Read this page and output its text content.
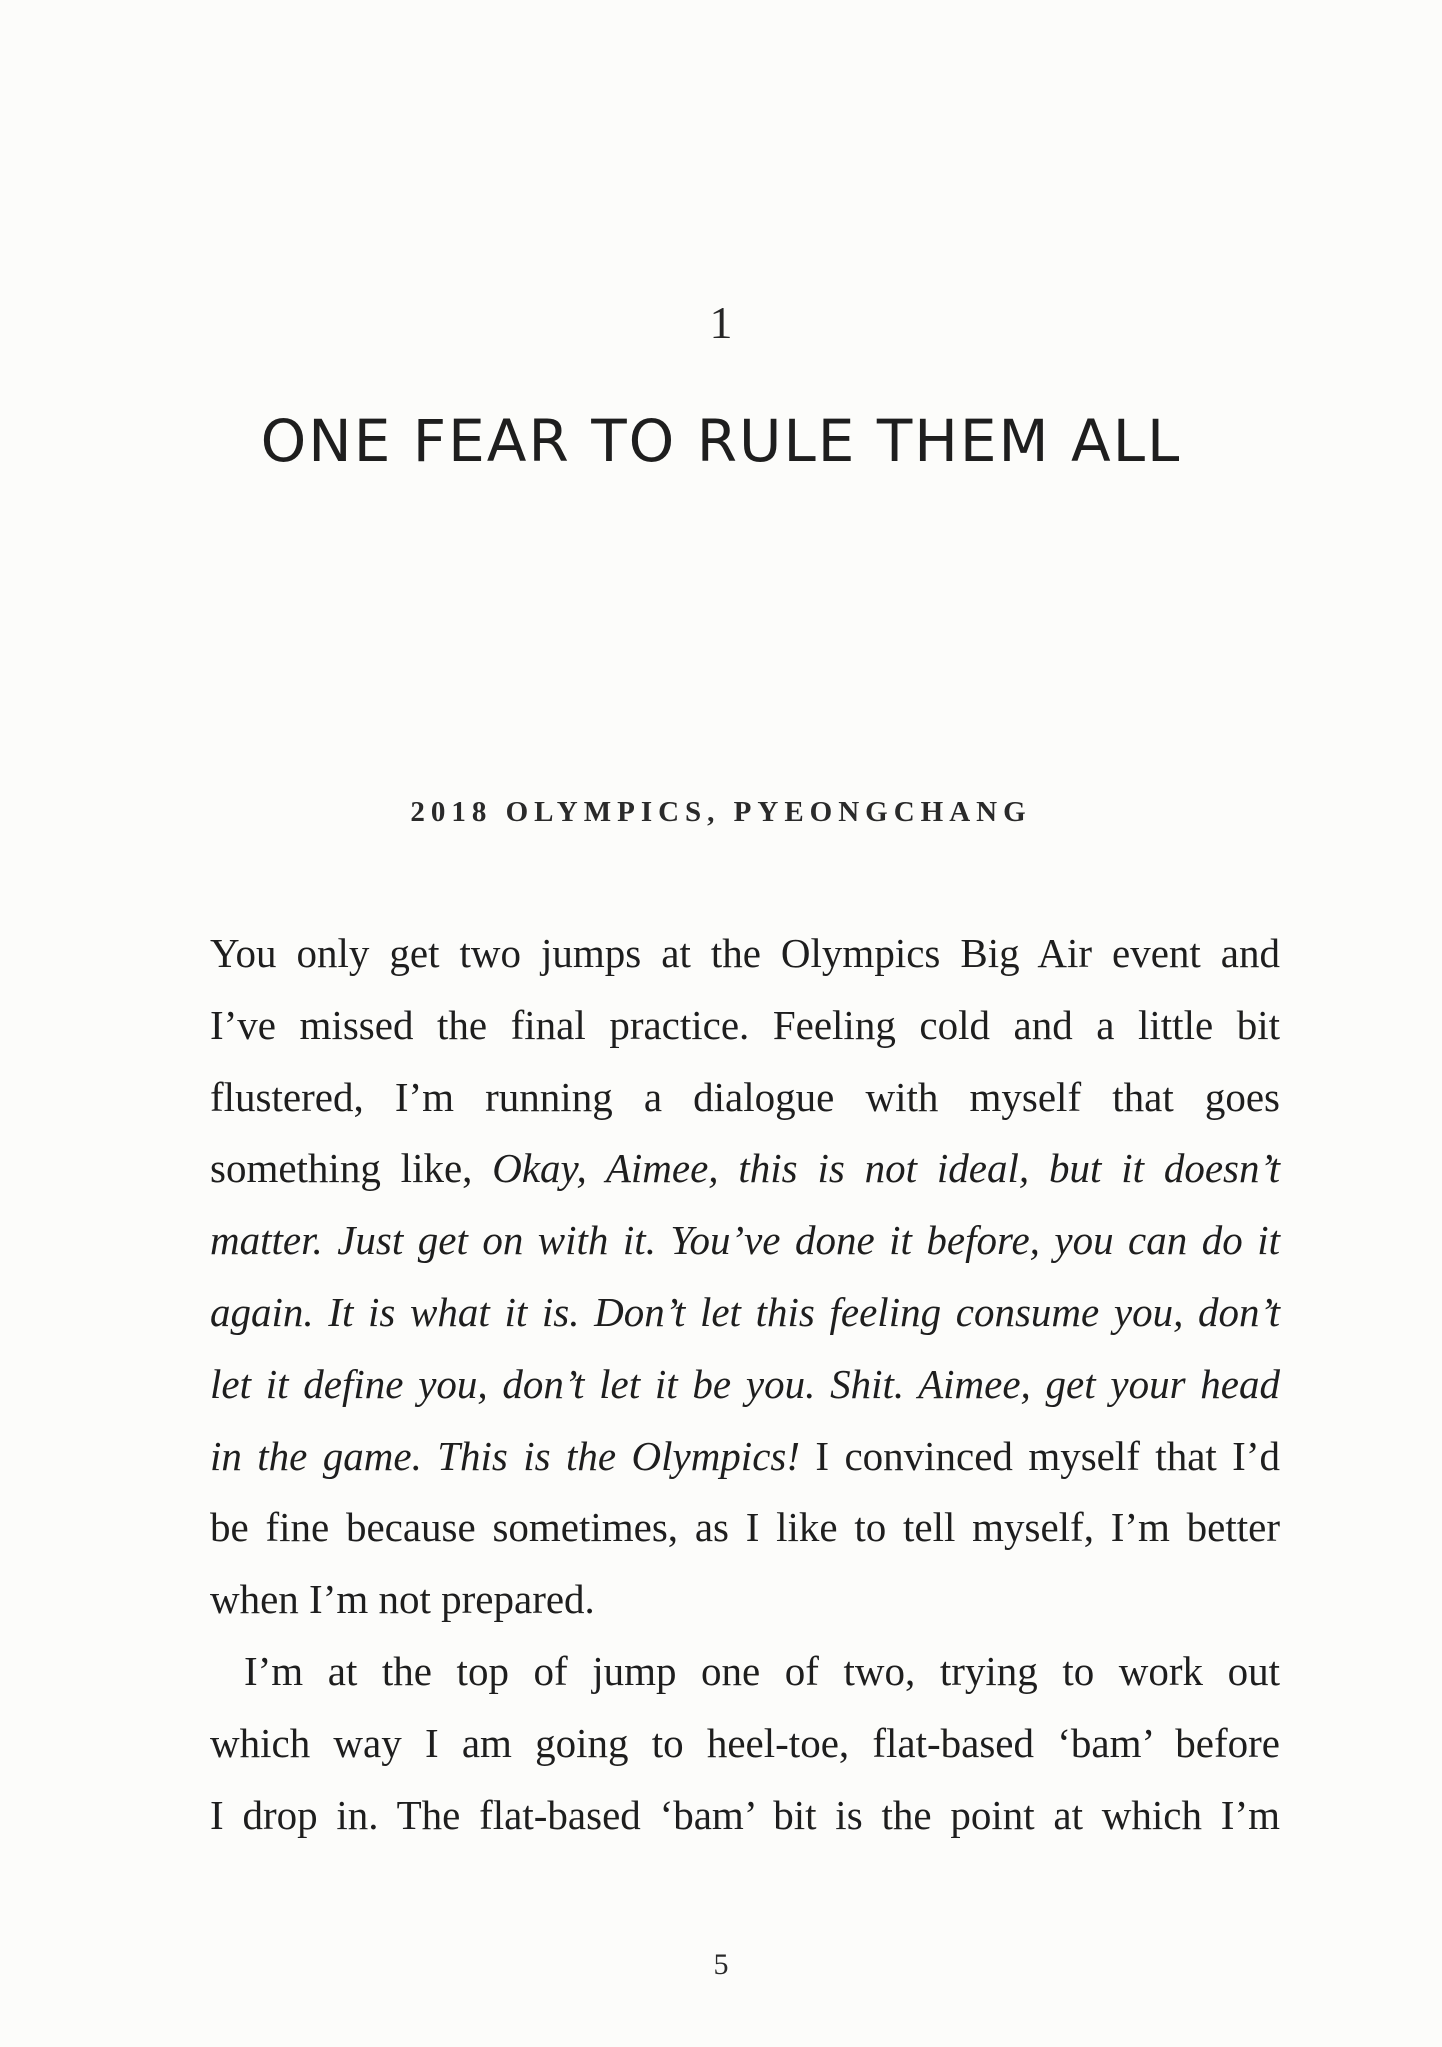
1
ONE FEAR TO RULE THEM ALL
2018 OLYMPICS, PYEONGCHANG
You only get two jumps at the Olympics Big Air event and
I’ve missed the final practice. Feeling cold and a little bit
flustered, I’m running a dialogue with myself that goes
something like, Okay, Aimee, this is not ideal, but it doesn’t
matter. Just get on with it. You’ve done it before, you can do it
again. It is what it is. Don’t let this feeling consume you, don’t
let it define you, don’t let it be you. Shit. Aimee, get your head
in the game. This is the Olympics! I convinced myself that I’d
be fine because sometimes, as I like to tell myself, I’m better
when I’m not prepared.
I’m at the top of jump one of two, trying to work out
which way I am going to heel-toe, flat-based ‘bam’ before
I drop in. The flat-based ‘bam’ bit is the point at which I’m
5
